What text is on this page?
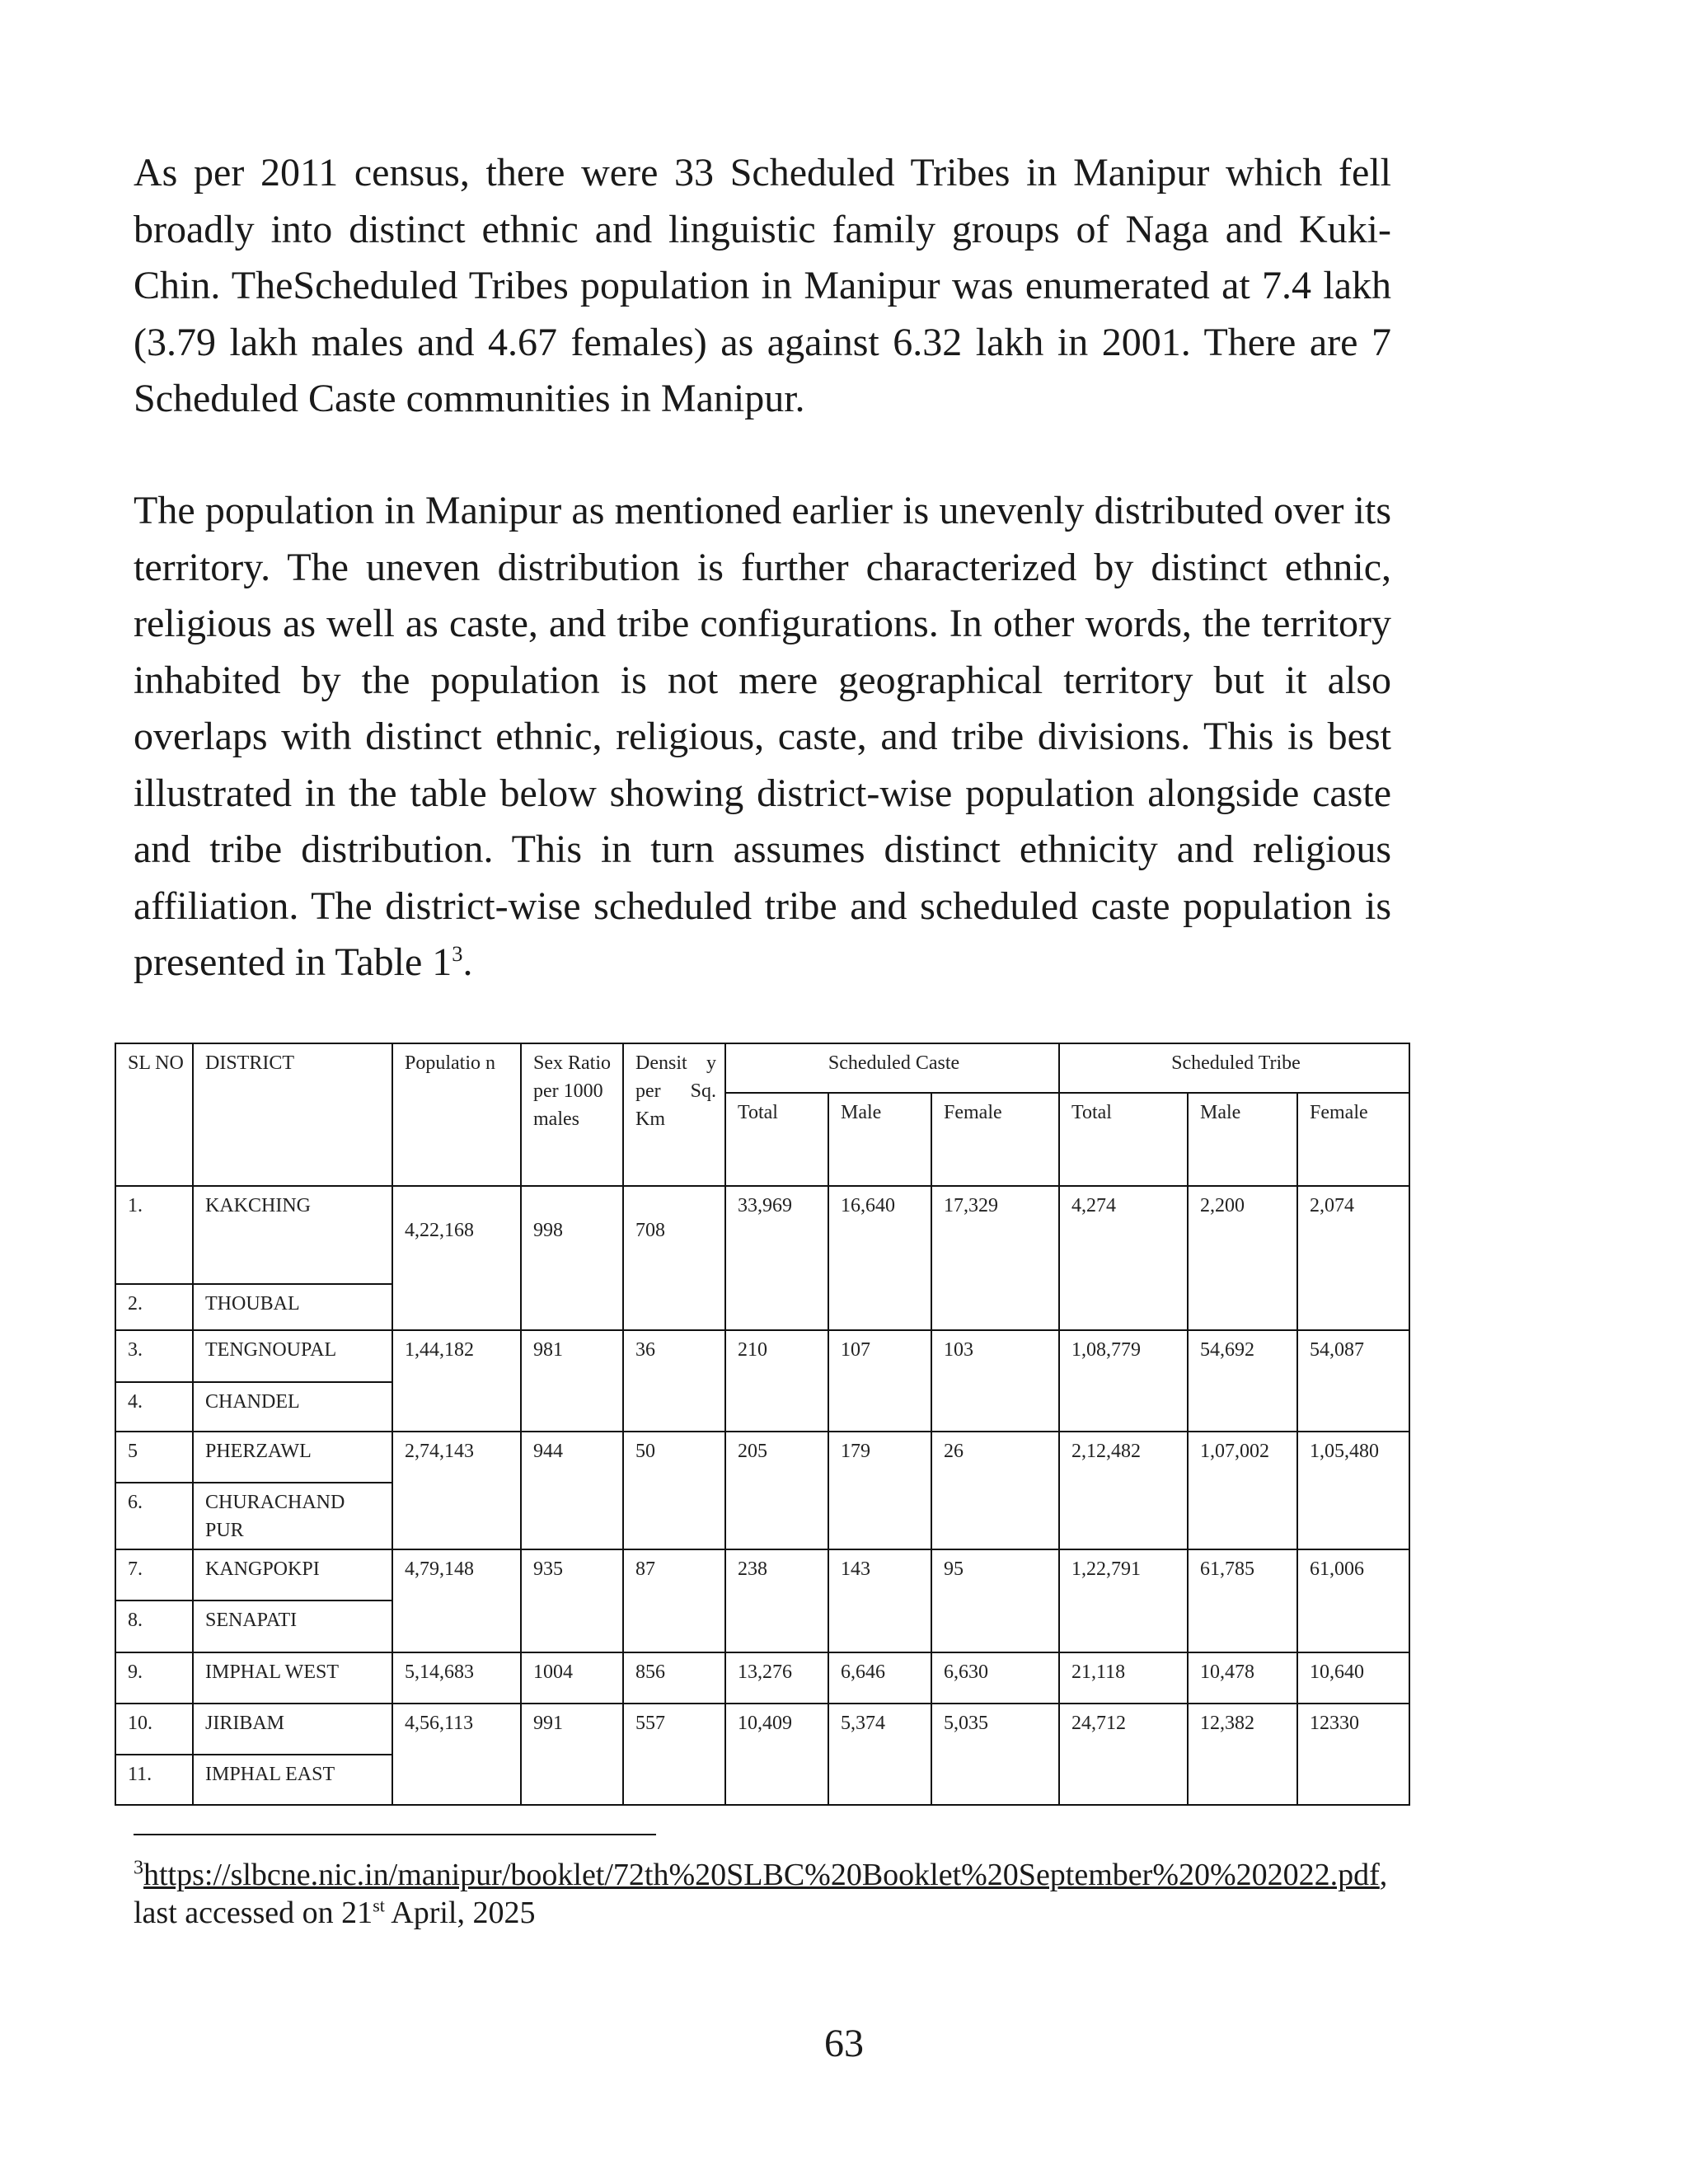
As per 2011 census, there were 33 Scheduled Tribes in Manipur which fell broadly into distinct ethnic and linguistic family groups of Naga and Kuki-Chin. TheScheduled Tribes population in Manipur was enumerated at 7.4 lakh (3.79 lakh males and 4.67 females) as against 6.32 lakh in 2001. There are 7 Scheduled Caste communities in Manipur.

The population in Manipur as mentioned earlier is unevenly distributed over its territory. The uneven distribution is further characterized by distinct ethnic, religious as well as caste, and tribe configurations. In other words, the territory inhabited by the population is not mere geographical territory but it also overlaps with distinct ethnic, religious, caste, and tribe divisions. This is best illustrated in the table below showing district-wise population alongside caste and tribe distribution. This in turn assumes distinct ethnicity and religious affiliation. The district-wise scheduled tribe and scheduled caste population is presented in Table $1^3$.

SL NO	DISTRICT	Populatio n	Sex Ratio per 1000 males	Densit y per Sq. Km	Scheduled Caste			Scheduled Tribe		
					Total	Male	Female	Total	Male	Female
1.	KAKCHING	4,22,168	998	708	33,969	16,640	17,329	4,274	2,200	2,074
2.	THOUBAL									
3.	TENGNOUPAL	1,44,182	981	36	210	107	103	1,08,779	54,692	54,087
4.	CHANDEL									
5	PHERZAWL	2,74,143	944	50	205	179	26	2,12,482	1,07,002	1,05,480
6.	CHURACHAND PUR									
7.	KANGPOKPI	4,79,148	935	87	238	143	95	1,22,791	61,785	61,006
8.	SENAPATI									
9.	IMPHAL WEST	5,14,683	1004	856	13,276	6,646	6,630	21,118	10,478	10,640
10.	JIRIBAM	4,56,113	991	557	10,409	5,374	5,035	24,712	12,382	12330
11.	IMPHAL EAST									

$^3$https://slbcne.nic.in/manipur/booklet/72th%20SLBC%20Booklet%20September%20%202022.pdf, last accessed on 21st April, 2025

63
